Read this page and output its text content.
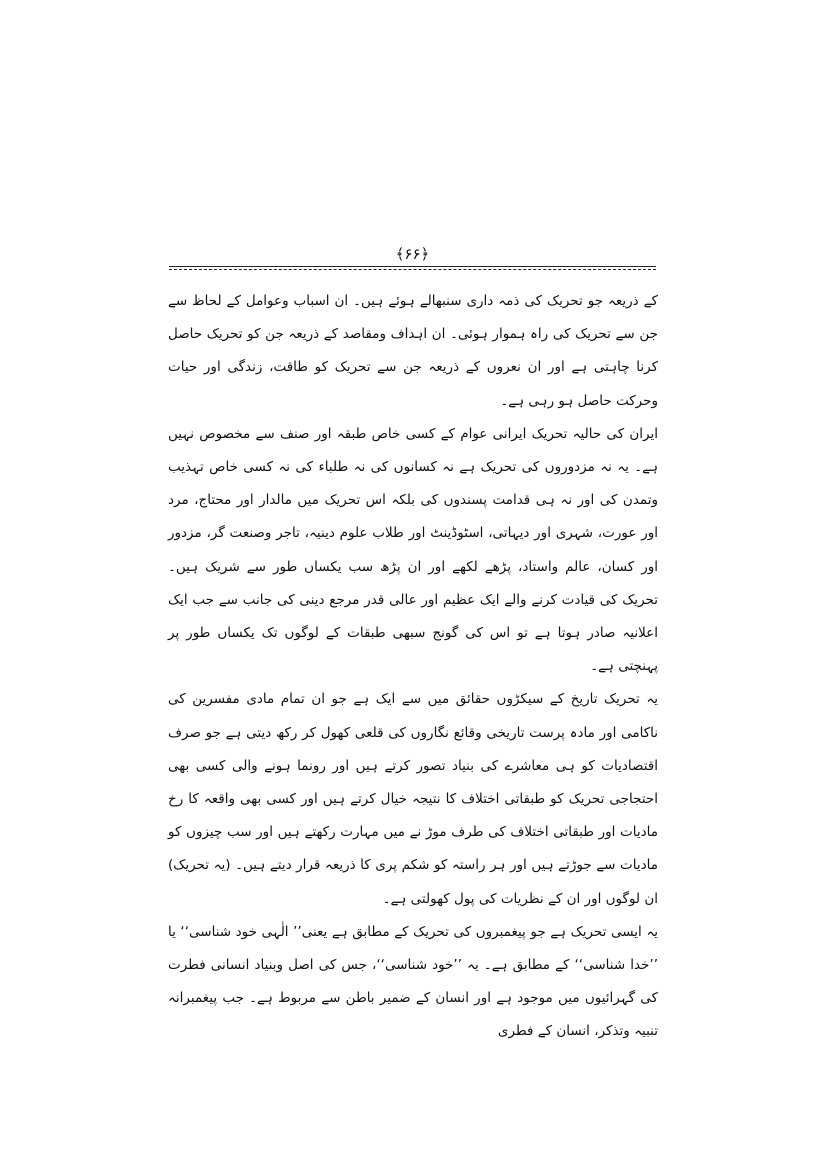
﴾۶۶﴿

کے ذریعہ جو تحریک کی ذمہ داری سنبھالے ہوئے ہیں۔ ان اسباب وعوامل کے لحاظ سے جن سے تحریک کی راہ ہموار ہوئی۔ ان اہداف ومقاصد کے ذریعہ جن کو تحریک حاصل کرنا چاہتی ہے اور ان نعروں کے ذریعہ جن سے تحریک کو طاقت، زندگی اور حیات وحرکت حاصل ہو رہی ہے۔

ایران کی حالیہ تحریک ایرانی عوام کے کسی خاص طبقہ اور صنف سے مخصوص نہیں ہے۔ یہ نہ مزدوروں کی تحریک ہے نہ کسانوں کی نہ طلباء کی نہ کسی خاص تہذیب وتمدن کی اور نہ ہی قدامت پسندوں کی بلکہ اس تحریک میں مالدار اور محتاج، مرد اور عورت، شہری اور دیہاتی، اسٹوڈینٹ اور طلاب علوم دینیہ، تاجر وصنعت گر، مزدور اور کسان، عالم واستاد، پڑھے لکھے اور ان پڑھ سب یکساں طور سے شریک ہیں۔ تحریک کی قیادت کرنے والے ایک عظیم اور عالی قدر مرجع دینی کی جانب سے جب ایک اعلانیہ صادر ہوتا ہے تو اس کی گونج سبھی طبقات کے لوگوں تک یکساں طور پر پہنچتی ہے۔

یہ تحریک تاریخ کے سیکڑوں حقائق میں سے ایک ہے جو ان تمام مادی مفسرین کی ناکامی اور مادہ پرست تاریخی وقائع نگاروں کی قلعی کھول کر رکھ دیتی ہے جو صرف اقتصادیات کو ہی معاشرے کی بنیاد تصور کرتے ہیں اور رونما ہونے والی کسی بھی احتجاجی تحریک کو طبقاتی اختلاف کا نتیجہ خیال کرتے ہیں اور کسی بھی واقعہ کا رخ مادیات اور طبقاتی اختلاف کی طرف موڑ نے میں مہارت رکھتے ہیں اور سب چیزوں کو مادیات سے جوڑتے ہیں اور ہر راستہ کو شکم پری کا ذریعہ قرار دیتے ہیں۔ (یہ تحریک) ان لوگوں اور ان کے نظریات کی پول کھولتی ہے۔

یہ ایسی تحریک ہے جو پیغمبروں کی تحریک کے مطابق ہے یعنی’’ الٰہی خود شناسی‘‘ یا ’’خدا شناسی‘‘ کے مطابق ہے۔ یہ ’’خود شناسی‘‘، جس کی اصل وبنیاد انسانی فطرت کی گہرائیوں میں موجود ہے اور انسان کے ضمیر باطن سے مربوط ہے۔ جب پیغمبرانہ تنبیہ وتذکر، انسان کے فطری
